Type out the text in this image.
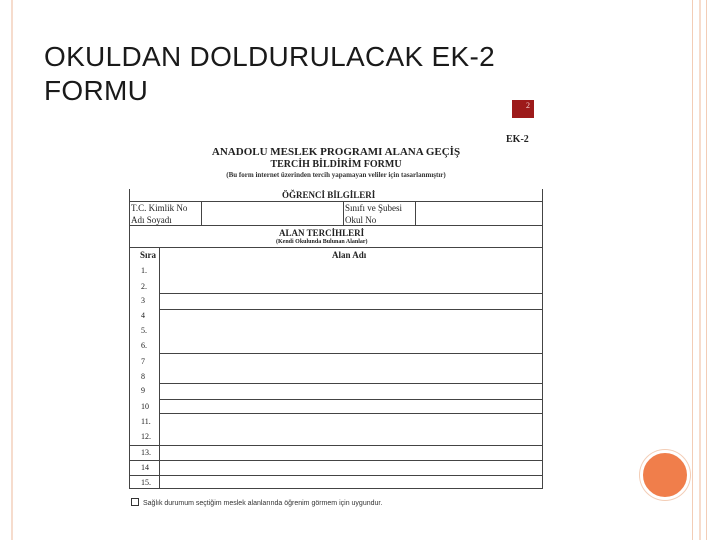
OKULDAN DOLDURULACAK EK-2
FORMU	2
EK-2
ANADOLU MESLEK PROGRAMI ALANA GEÇİŞ
TERCİH BİLDİRİM FORMU
(Bu form internet üzerinden tercih yapamayan veliler için tasarlanmıştır)
ÖĞRENCİ BİLGİLERİ
T.C. Kimlik No
Adı Soyadı
Sınıfı ve Şubesi
Okul No
ALAN TERCİHLERİ
(Kendi Okulunda Bulunan Alanlar)
Sıra	Alan Adı
1.
2.
3
4
5.
6.
7
8
9
10
11.
12.
13.
14
15.
Sağlık durumum seçtiğim meslek alanlarında öğrenim görmem için uygundur.
